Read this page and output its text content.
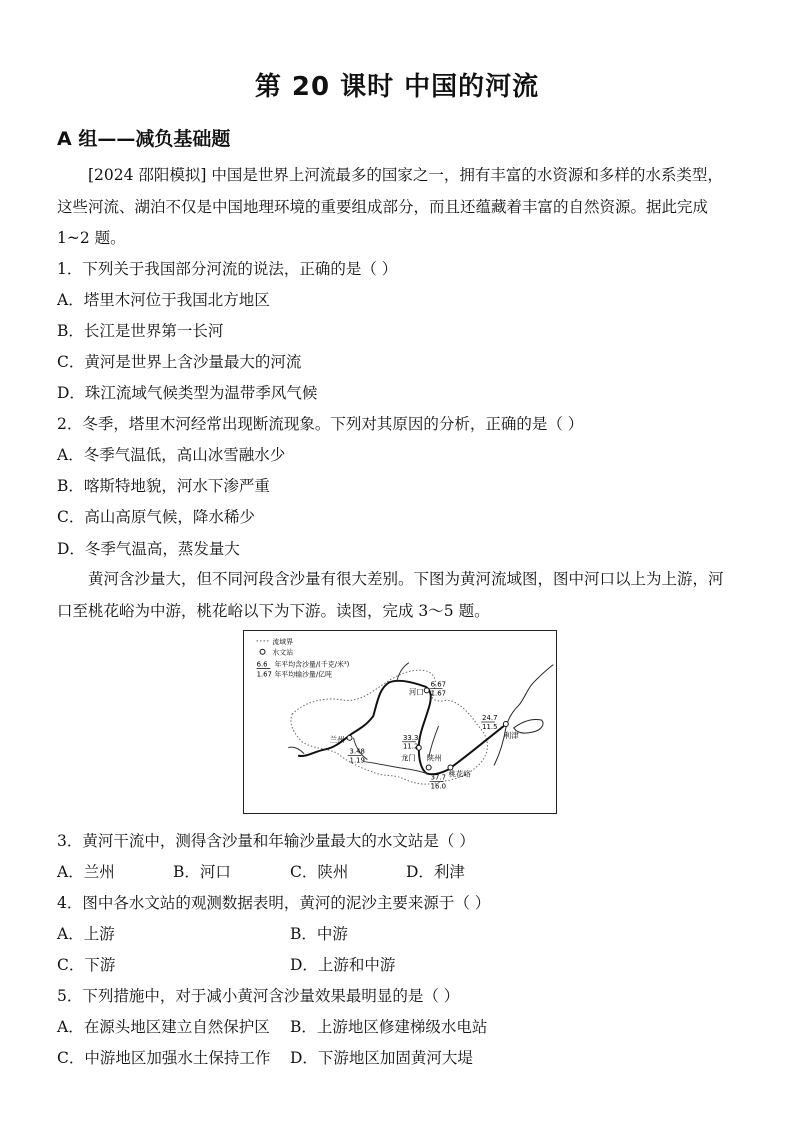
第 20 课时 中国的河流
A 组——减负基础题
[2024 邵阳模拟] 中国是世界上河流最多的国家之一，拥有丰富的水资源和多样的水系类型，
这些河流、湖泊不仅是中国地理环境的重要组成部分，而且还蕴藏着丰富的自然资源。据此完成
1~2 题。
1．下列关于我国部分河流的说法，正确的是（ ）
A．塔里木河位于我国北方地区
B．长江是世界第一长河
C．黄河是世界上含沙量最大的河流
D．珠江流域气候类型为温带季风气候
2．冬季，塔里木河经常出现断流现象。下列对其原因的分析，正确的是（ ）
A．冬季气温低，高山冰雪融水少
B．喀斯特地貌，河水下渗严重
C．高山高原气候，降水稀少
D．冬季气温高，蒸发量大
黄河含沙量大，但不同河段含沙量有很大差别。下图为黄河流域图，图中河口以上为上游，河
口至桃花峪为中游，桃花峪以下为下游。读图，完成 3～5 题。
流域界
水文站
6.6
1.67
年平均含沙量/(千克/米³)
年平均输沙量/亿吨
兰州
3.48
1.19
河口
6.67
1.67
33.3
11.2
龙门 陕州
37.7
16.0
桃花峪
24.7
11.5
利津
3．黄河干流中，测得含沙量和年输沙量最大的水文站是（ ）
A．兰州	B．河口	C．陕州	D．利津
4．图中各水文站的观测数据表明，黄河的泥沙主要来源于（ ）
A．上游	B．中游
C．下游	D．上游和中游
5．下列措施中，对于减小黄河含沙量效果最明显的是（ ）
A．在源头地区建立自然保护区 B．上游地区修建梯级水电站
C．中游地区加强水土保持工作 D．下游地区加固黄河大堤
